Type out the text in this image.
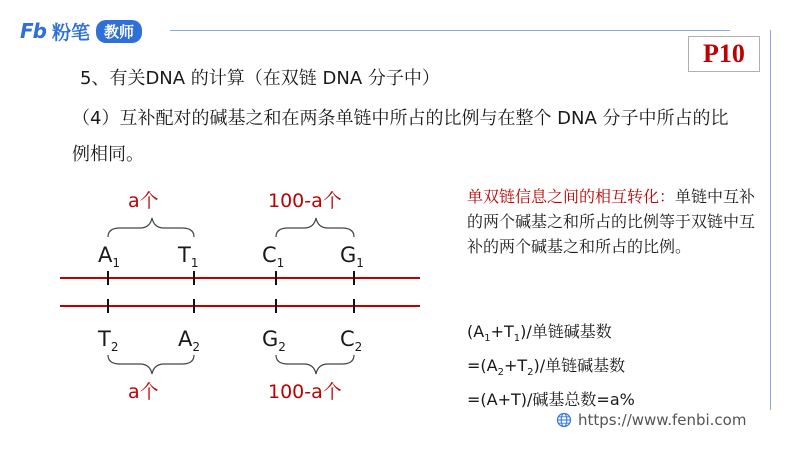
Fb 粉笔 教师
P10
5、有关DNA 的计算（在双链 DNA 分子中）
（4）互补配对的碱基之和在两条单链中所占的比例与在整个 DNA 分子中所占的比例相同。
a个	100-a个
$A_1$	$T_1$	$C_1$	$G_1$
$T_2$	$A_2$	$G_2$	$C_2$
a个	100-a个
单双链信息之间的相互转化：单链中互补的两个碱基之和所占的比例等于双链中互补的两个碱基之和所占的比例。
$(A_1+T_1)/$单链碱基数
$=(A_2+T_2)/$单链碱基数
=(A+T)/碱基总数=a%
https://www.fenbi.com
